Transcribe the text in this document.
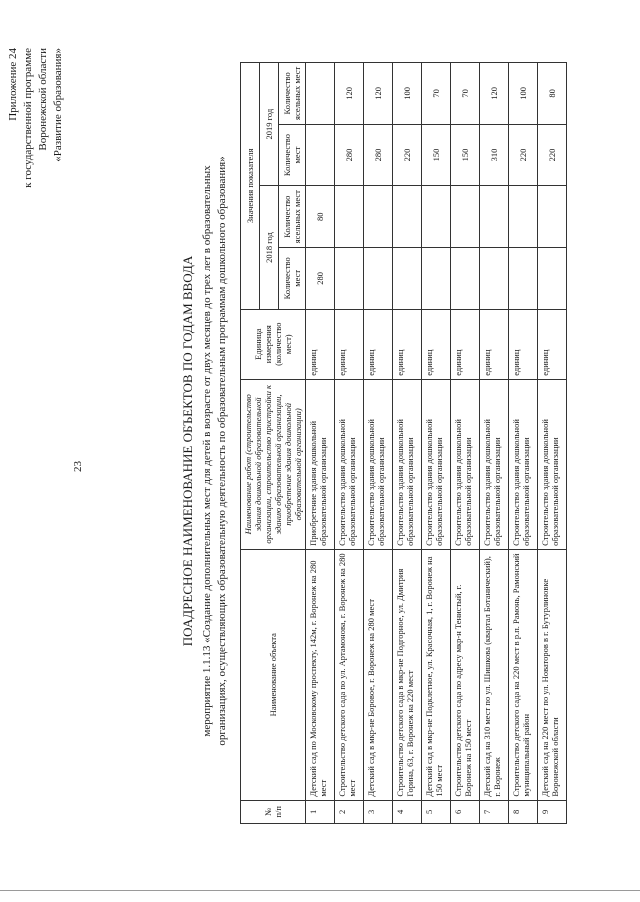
23
Приложение 24 к государственной программе Воронежской области «Развитие образования»
ПОАДРЕСНОЕ НАИМЕНОВАНИЕ ОБЪЕКТОВ ПО ГОДАМ ВВОДА мероприятие 1.1.13 «Создание дополнительных мест для детей в возрасте от двух месяцев до трех лет в образовательных организациях, осуществляющих образовательную деятельность по образовательным программам дошкольного образования»
№ п/п	Наименование объекта	Наименование работ (строительство здания дошкольной образовательной организации, строительство пристройки к зданию образовательной организации, приобретение здания дошкольной образовательной организации)	Единица измерения (количество мест)	Значения показателя			
				2018 год		2019 год	
				Количество мест	Количество ясельных мест	Количество мест	Количество ясельных мест
1	Детский сад по Московскому проспекту, 142м, г. Воронеж на 280 мест	Приобретение здания дошкольной образовательной организации	единиц	280	80		
2	Строительство детского сада по ул. Артамонова, г. Воронеж на 280 мест	Строительство здания дошкольной образовательной организации	единиц			280	120
3	Детский сад в мкр-не Боровое, г. Воронеж на 280 мест	Строительство здания дошкольной образовательной организации	единиц			280	120
4	Строительство детского сада в мкр-не Подгорное, ул. Дмитрия Горина, 63, г. Воронеж на 220 мест	Строительство здания дошкольной образовательной организации	единиц			220	100
5	Детский сад в мкр-не Подклетное, ул. Красочная, 1, г. Воронеж на 150 мест	Строительство здания дошкольной образовательной организации	единиц			150	70
6	Строительство детского сада по адресу мкр-н Тенистый, г. Воронеж на 150 мест	Строительство здания дошкольной образовательной организации	единиц			150	70
7	Детский сад на 310 мест по ул. Шишкова (квартал Ботанический), г. Воронеж	Строительство здания дошкольной образовательной организации	единиц			310	120
8	Строительство детского сада на 220 мест в р.п. Рамонь, Рамонский муниципальный район	Строительство здания дошкольной образовательной организации	единиц			220	100
9	Детский сад на 220 мест по ул. Новаторов в г. Бутурлиновке Воронежской области	Строительство здания дошкольной образовательной организации	единиц			220	80
